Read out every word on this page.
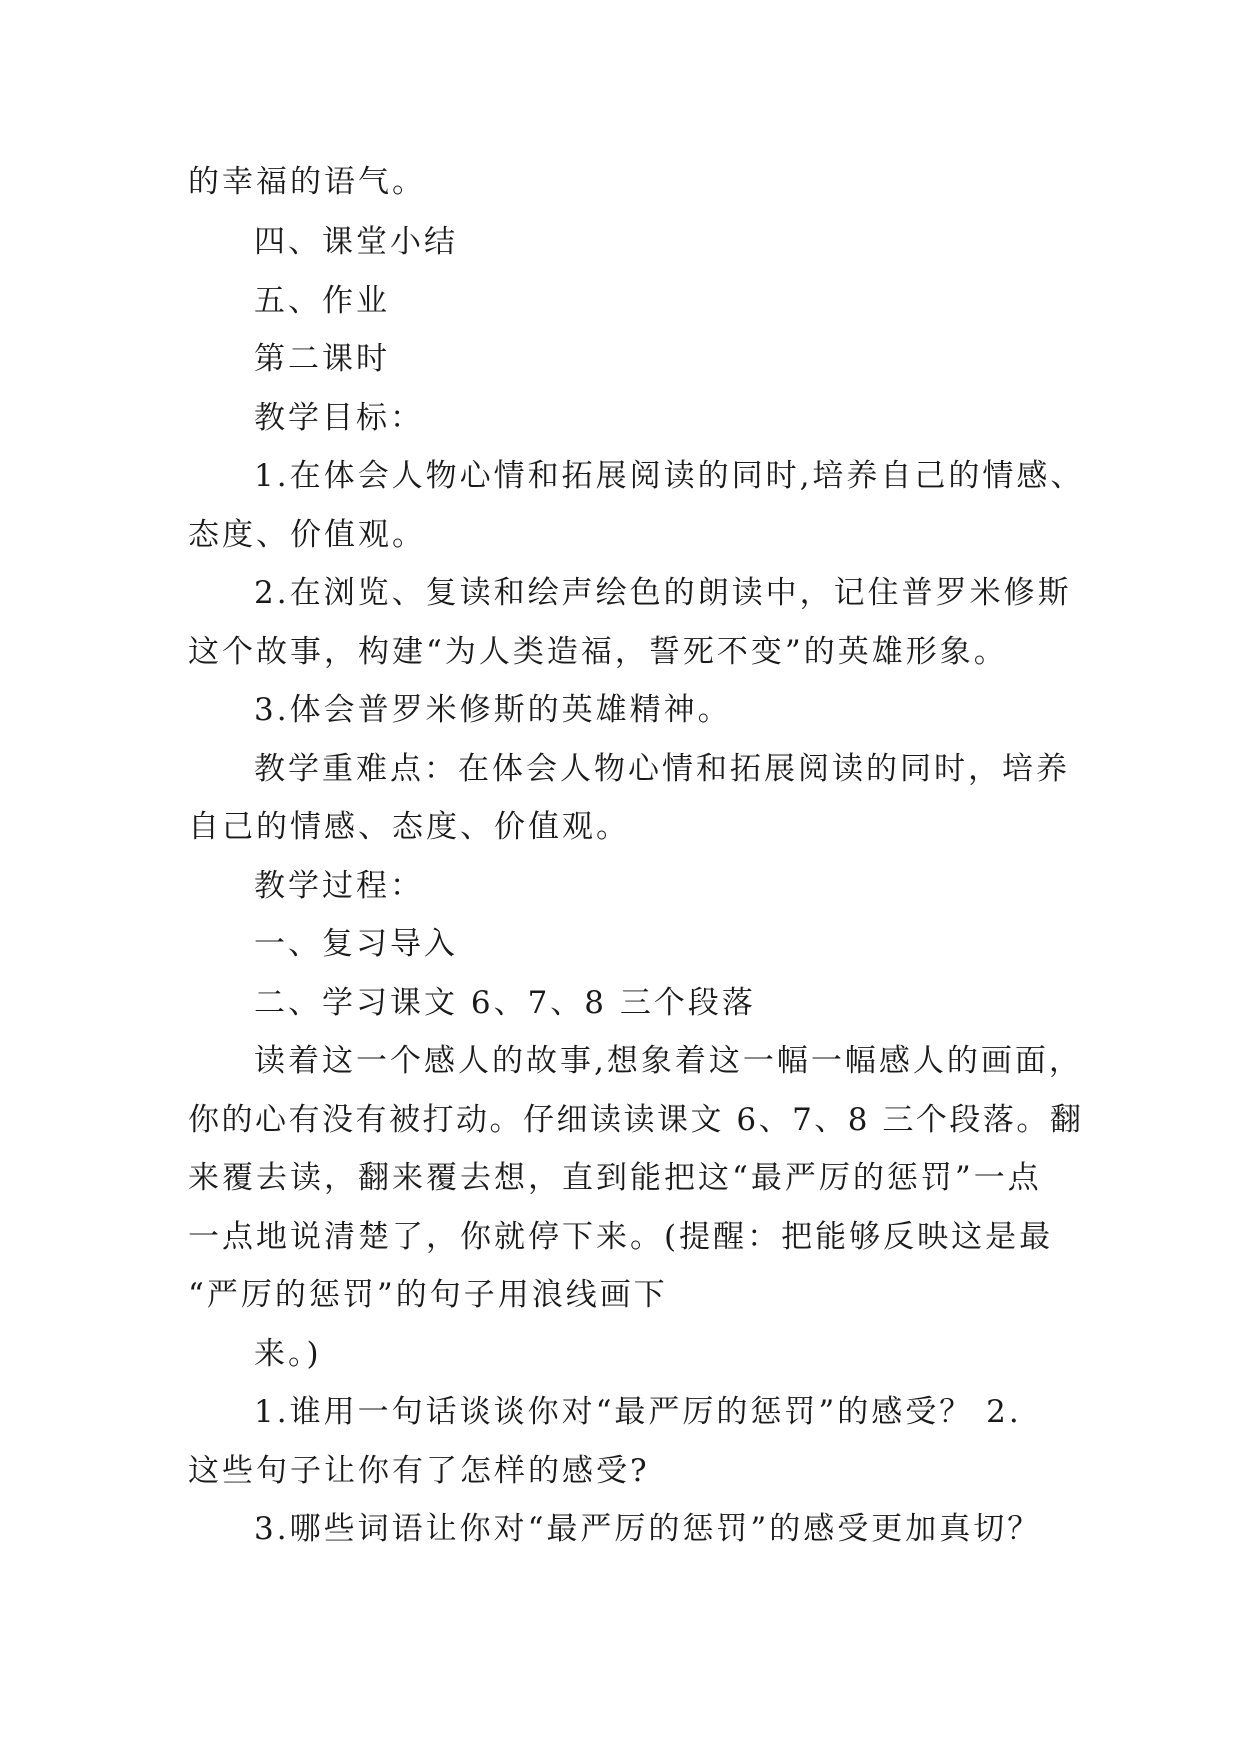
的幸福的语气。
四、课堂小结
五、作业
第二课时
教学目标：
1.在体会人物心情和拓展阅读的同时,培养自己的情感、
态度、价值观。
2.在浏览、复读和绘声绘色的朗读中，记住普罗米修斯
这个故事，构建“为人类造福，誓死不变”的英雄形象。
3.体会普罗米修斯的英雄精神。
教学重难点：在体会人物心情和拓展阅读的同时，培养
自己的情感、态度、价值观。
教学过程：
一、复习导入
二、学习课文 6、7、8 三个段落
读着这一个感人的故事,想象着这一幅一幅感人的画面，
你的心有没有被打动。仔细读读课文 6、7、8 三个段落。翻
来覆去读，翻来覆去想，直到能把这“最严厉的惩罚”一点
一点地说清楚了，你就停下来。(提醒：把能够反映这是最
“严厉的惩罚”的句子用浪线画下
来。)
1.谁用一句话谈谈你对“最严厉的惩罚”的感受？ 2.
这些句子让你有了怎样的感受?
3.哪些词语让你对“最严厉的惩罚”的感受更加真切？
